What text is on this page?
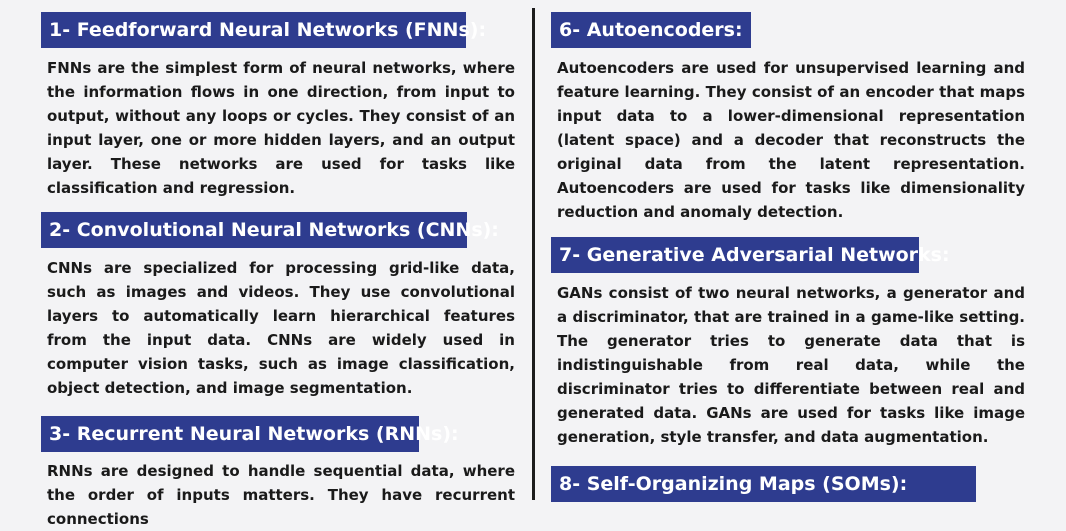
1- Feedforward Neural Networks (FNNs):

FNNs are the simplest form of neural networks, where the information flows in one direction, from input to output, without any loops or cycles. They consist of an input layer, one or more hidden layers, and an output layer. These networks are used for tasks like classification and regression.

2- Convolutional Neural Networks (CNNs):

CNNs are specialized for processing grid-like data, such as images and videos. They use convolutional layers to automatically learn hierarchical features from the input data. CNNs are widely used in computer vision tasks, such as image classification, object detection, and image segmentation.

3- Recurrent Neural Networks (RNNs):

RNNs are designed to handle sequential data, where the order of inputs matters. They have recurrent connections

6- Autoencoders:

Autoencoders are used for unsupervised learning and feature learning. They consist of an encoder that maps input data to a lower-dimensional representation (latent space) and a decoder that reconstructs the original data from the latent representation. Autoencoders are used for tasks like dimensionality reduction and anomaly detection.

7- Generative Adversarial Networks:

GANs consist of two neural networks, a generator and a discriminator, that are trained in a game-like setting. The generator tries to generate data that is indistinguishable from real data, while the discriminator tries to differentiate between real and generated data. GANs are used for tasks like image generation, style transfer, and data augmentation.

8- Self-Organizing Maps (SOMs):
